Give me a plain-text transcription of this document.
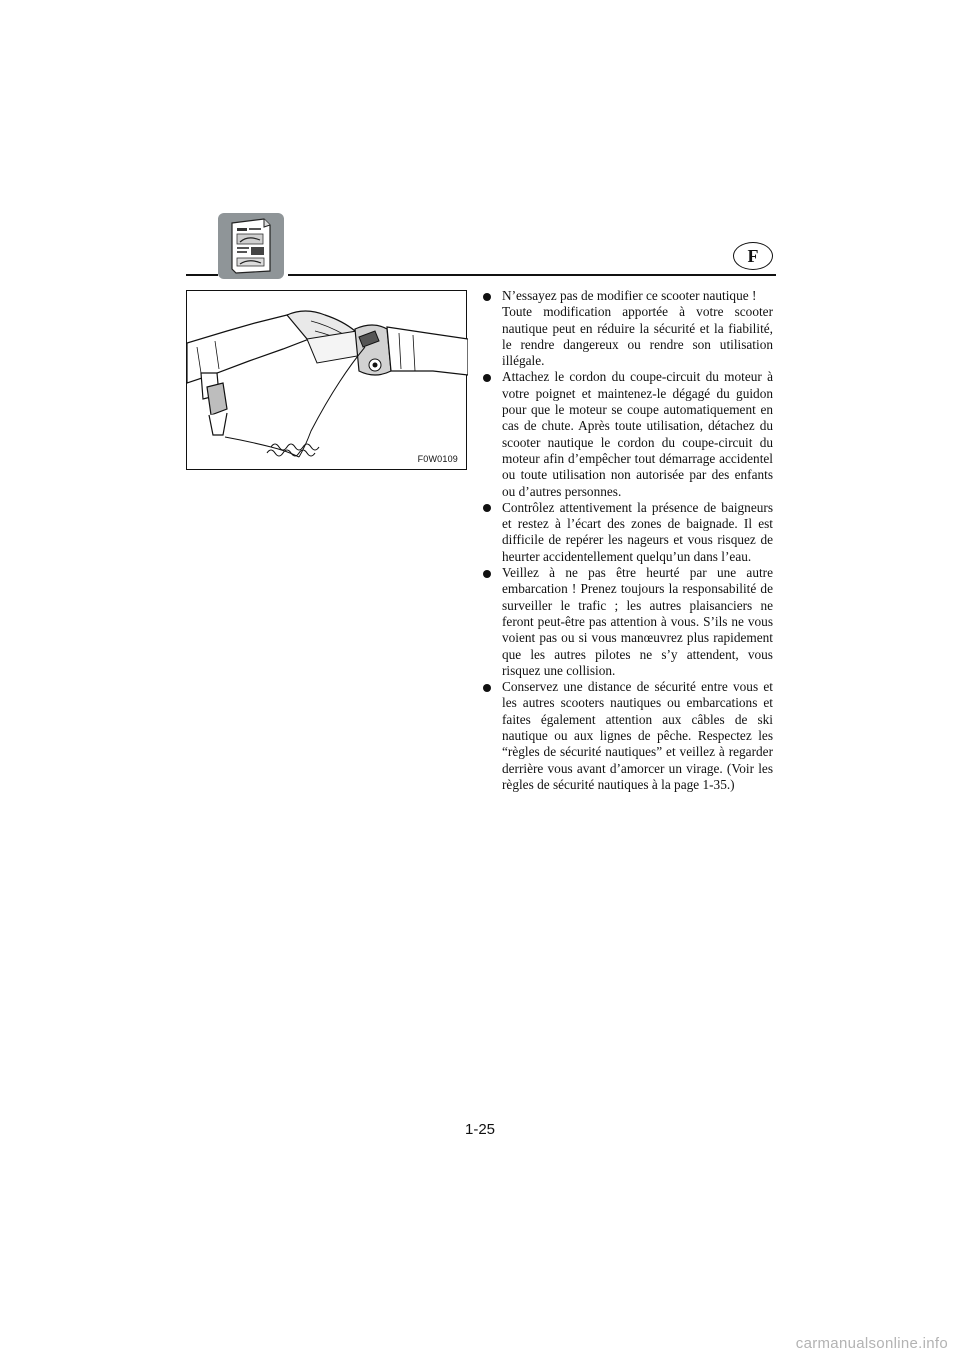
F
F0W0109
N’essayez pas de modifier ce scooter nautique !
Toute modification apportée à votre scooter nautique peut en réduire la sécurité et la fiabilité, le rendre dangereux ou rendre son utilisation illégale.
Attachez le cordon du coupe-circuit du moteur à votre poignet et maintenez-le dégagé du guidon pour que le moteur se coupe automatiquement en cas de chute. Après toute utilisation, détachez du scooter nautique le cordon du coupe-circuit du moteur afin d’empêcher tout démarrage accidentel ou toute utilisation non autorisée par des enfants ou d’autres personnes.
Contrôlez attentivement la présence de baigneurs et restez à l’écart des zones de baignade. Il est difficile de repérer les nageurs et vous risquez de heurter accidentellement quelqu’un dans l’eau.
Veillez à ne pas être heurté par une autre embarcation ! Prenez toujours la responsabilité de surveiller le trafic ; les autres plaisanciers ne feront peut-être pas attention à vous. S’ils ne vous voient pas ou si vous manœuvrez plus rapidement que les autres pilotes ne s’y attendent, vous risquez une collision.
Conservez une distance de sécurité entre vous et les autres scooters nautiques ou embarcations et faites également attention aux câbles de ski nautique ou aux lignes de pêche. Respectez les “règles de sécurité nautiques” et veillez à regarder derrière vous avant d’amorcer un virage. (Voir les règles de sécurité nautiques à la page 1-35.)
1-25
carmanualsonline.info
